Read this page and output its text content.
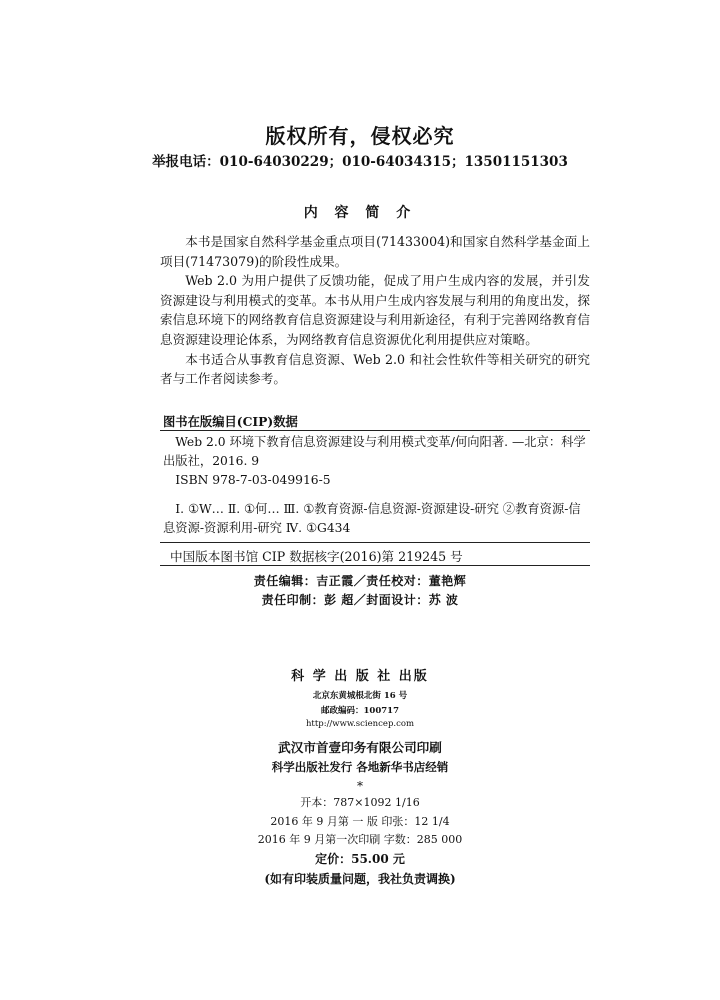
版权所有，侵权必究
举报电话：010-64030229；010-64034315；13501151303
内 容 简 介

本书是国家自然科学基金重点项目(71433004)和国家自然科学基金面上项目(71473079)的阶段性成果。

Web 2.0 为用户提供了反馈功能，促成了用户生成内容的发展，并引发资源建设与利用模式的变革。本书从用户生成内容发展与利用的角度出发，探索信息环境下的网络教育信息资源建设与利用新途径，有利于完善网络教育信息资源建设理论体系，为网络教育信息资源优化利用提供应对策略。

本书适合从事教育信息资源、Web 2.0 和社会性软件等相关研究的研究者与工作者阅读参考。

图书在版编目(CIP)数据

Web 2.0 环境下教育信息资源建设与利用模式变革/何向阳著. —北京：科学出版社，2016. 9

ISBN 978-7-03-049916-5

Ⅰ. ①W… Ⅱ. ①何… Ⅲ. ①教育资源-信息资源-资源建设-研究 ②教育资源-信息资源-资源利用-研究 Ⅳ. ①G434

中国版本图书馆 CIP 数据核字(2016)第 219245 号
责任编辑：吉正霞／责任校对：董艳辉
责任印制：彭 超／封面设计：苏 波
科 学 出 版 社 出版
北京东黄城根北街 16 号
邮政编码：100717
http://www.sciencep.com
武汉市首壹印务有限公司印刷
科学出版社发行 各地新华书店经销
*
开本：787×1092 1/16
2016 年 9 月第 一 版 印张：12 1/4
2016 年 9 月第一次印刷 字数：285 000
定价：55.00 元
(如有印装质量问题，我社负责调换)
